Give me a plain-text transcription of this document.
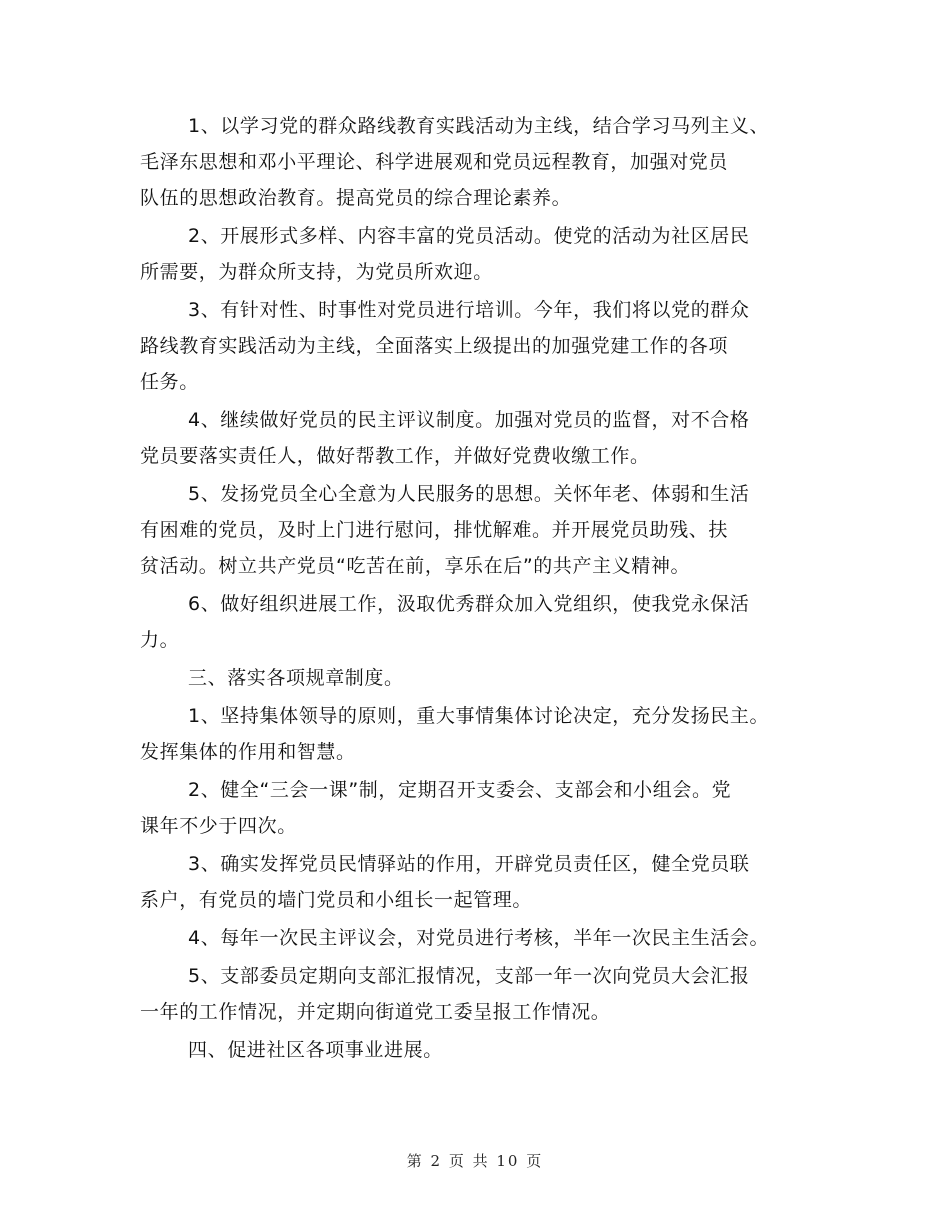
1、以学习党的群众路线教育实践活动为主线，结合学习马列主义、
毛泽东思想和邓小平理论、科学进展观和党员远程教育，加强对党员
队伍的思想政治教育。提高党员的综合理论素养。
2、开展形式多样、内容丰富的党员活动。使党的活动为社区居民
所需要，为群众所支持，为党员所欢迎。
3、有针对性、时事性对党员进行培训。今年，我们将以党的群众
路线教育实践活动为主线，全面落实上级提出的加强党建工作的各项
任务。
4、继续做好党员的民主评议制度。加强对党员的监督，对不合格
党员要落实责任人，做好帮教工作，并做好党费收缴工作。
5、发扬党员全心全意为人民服务的思想。关怀年老、体弱和生活
有困难的党员，及时上门进行慰问，排忧解难。并开展党员助残、扶
贫活动。树立共产党员“吃苦在前，享乐在后”的共产主义精神。
6、做好组织进展工作，汲取优秀群众加入党组织，使我党永保活
力。
三、落实各项规章制度。
1、坚持集体领导的原则，重大事情集体讨论决定，充分发扬民主。
发挥集体的作用和智慧。
2、健全“三会一课”制，定期召开支委会、支部会和小组会。党
课年不少于四次。
3、确实发挥党员民情驿站的作用，开辟党员责任区，健全党员联
系户，有党员的墙门党员和小组长一起管理。
4、每年一次民主评议会，对党员进行考核，半年一次民主生活会。
5、支部委员定期向支部汇报情况，支部一年一次向党员大会汇报
一年的工作情况，并定期向街道党工委呈报工作情况。
四、促进社区各项事业进展。
第 2 页 共 10 页
